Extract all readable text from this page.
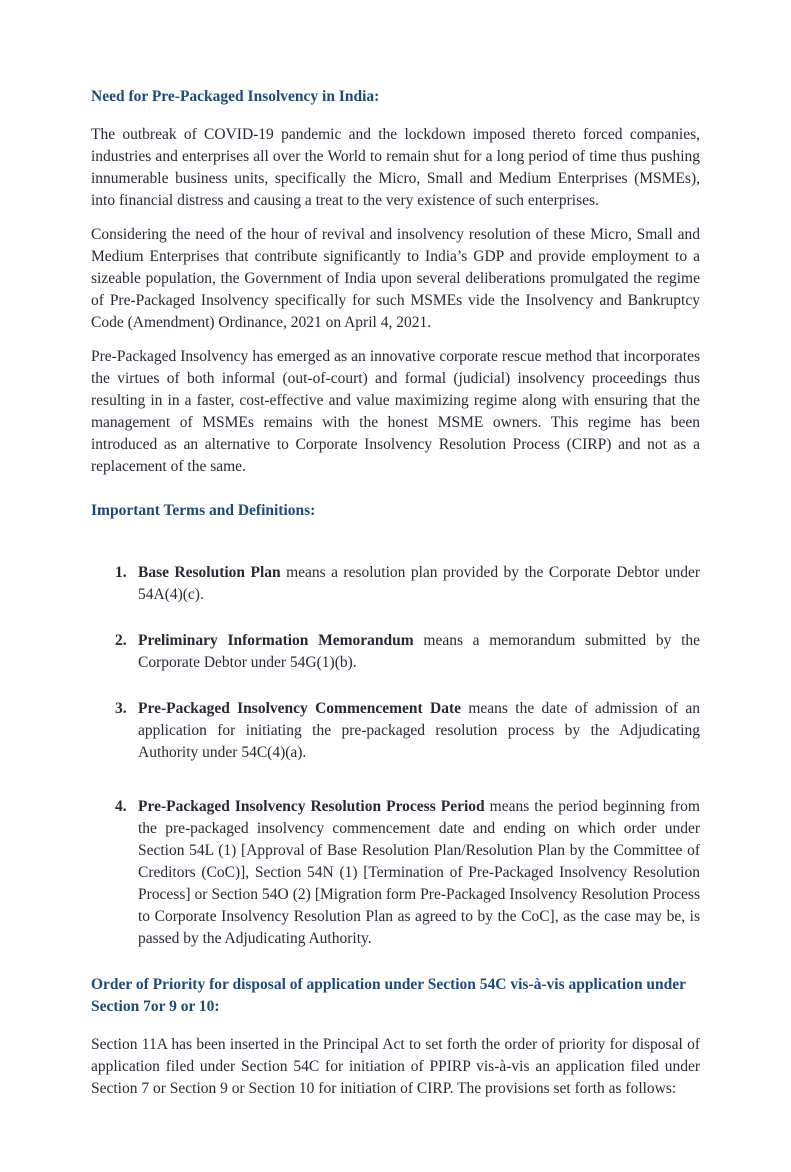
Need for Pre-Packaged Insolvency in India:

The outbreak of COVID-19 pandemic and the lockdown imposed thereto forced companies, industries and enterprises all over the World to remain shut for a long period of time thus pushing innumerable business units, specifically the Micro, Small and Medium Enterprises (MSMEs), into financial distress and causing a treat to the very existence of such enterprises.

Considering the need of the hour of revival and insolvency resolution of these Micro, Small and Medium Enterprises that contribute significantly to India’s GDP and provide employment to a sizeable population, the Government of India upon several deliberations promulgated the regime of Pre-Packaged Insolvency specifically for such MSMEs vide the Insolvency and Bankruptcy Code (Amendment) Ordinance, 2021 on April 4, 2021.

Pre-Packaged Insolvency has emerged as an innovative corporate rescue method that incorporates the virtues of both informal (out-of-court) and formal (judicial) insolvency proceedings thus resulting in in a faster, cost-effective and value maximizing regime along with ensuring that the management of MSMEs remains with the honest MSME owners. This regime has been introduced as an alternative to Corporate Insolvency Resolution Process (CIRP) and not as a replacement of the same.

Important Terms and Definitions:
1. Base Resolution Plan means a resolution plan provided by the Corporate Debtor under 54A(4)(c).
2. Preliminary Information Memorandum means a memorandum submitted by the Corporate Debtor under 54G(1)(b).
3. Pre-Packaged Insolvency Commencement Date means the date of admission of an application for initiating the pre-packaged resolution process by the Adjudicating Authority under 54C(4)(a).
4. Pre-Packaged Insolvency Resolution Process Period means the period beginning from the pre-packaged insolvency commencement date and ending on which order under Section 54L (1) [Approval of Base Resolution Plan/Resolution Plan by the Committee of Creditors (CoC)], Section 54N (1) [Termination of Pre-Packaged Insolvency Resolution Process] or Section 54O (2) [Migration form Pre-Packaged Insolvency Resolution Process to Corporate Insolvency Resolution Plan as agreed to by the CoC], as the case may be, is passed by the Adjudicating Authority.
Order of Priority for disposal of application under Section 54C vis-à-vis application under Section 7or 9 or 10:

Section 11A has been inserted in the Principal Act to set forth the order of priority for disposal of application filed under Section 54C for initiation of PPIRP vis-à-vis an application filed under Section 7 or Section 9 or Section 10 for initiation of CIRP. The provisions set forth as follows:
